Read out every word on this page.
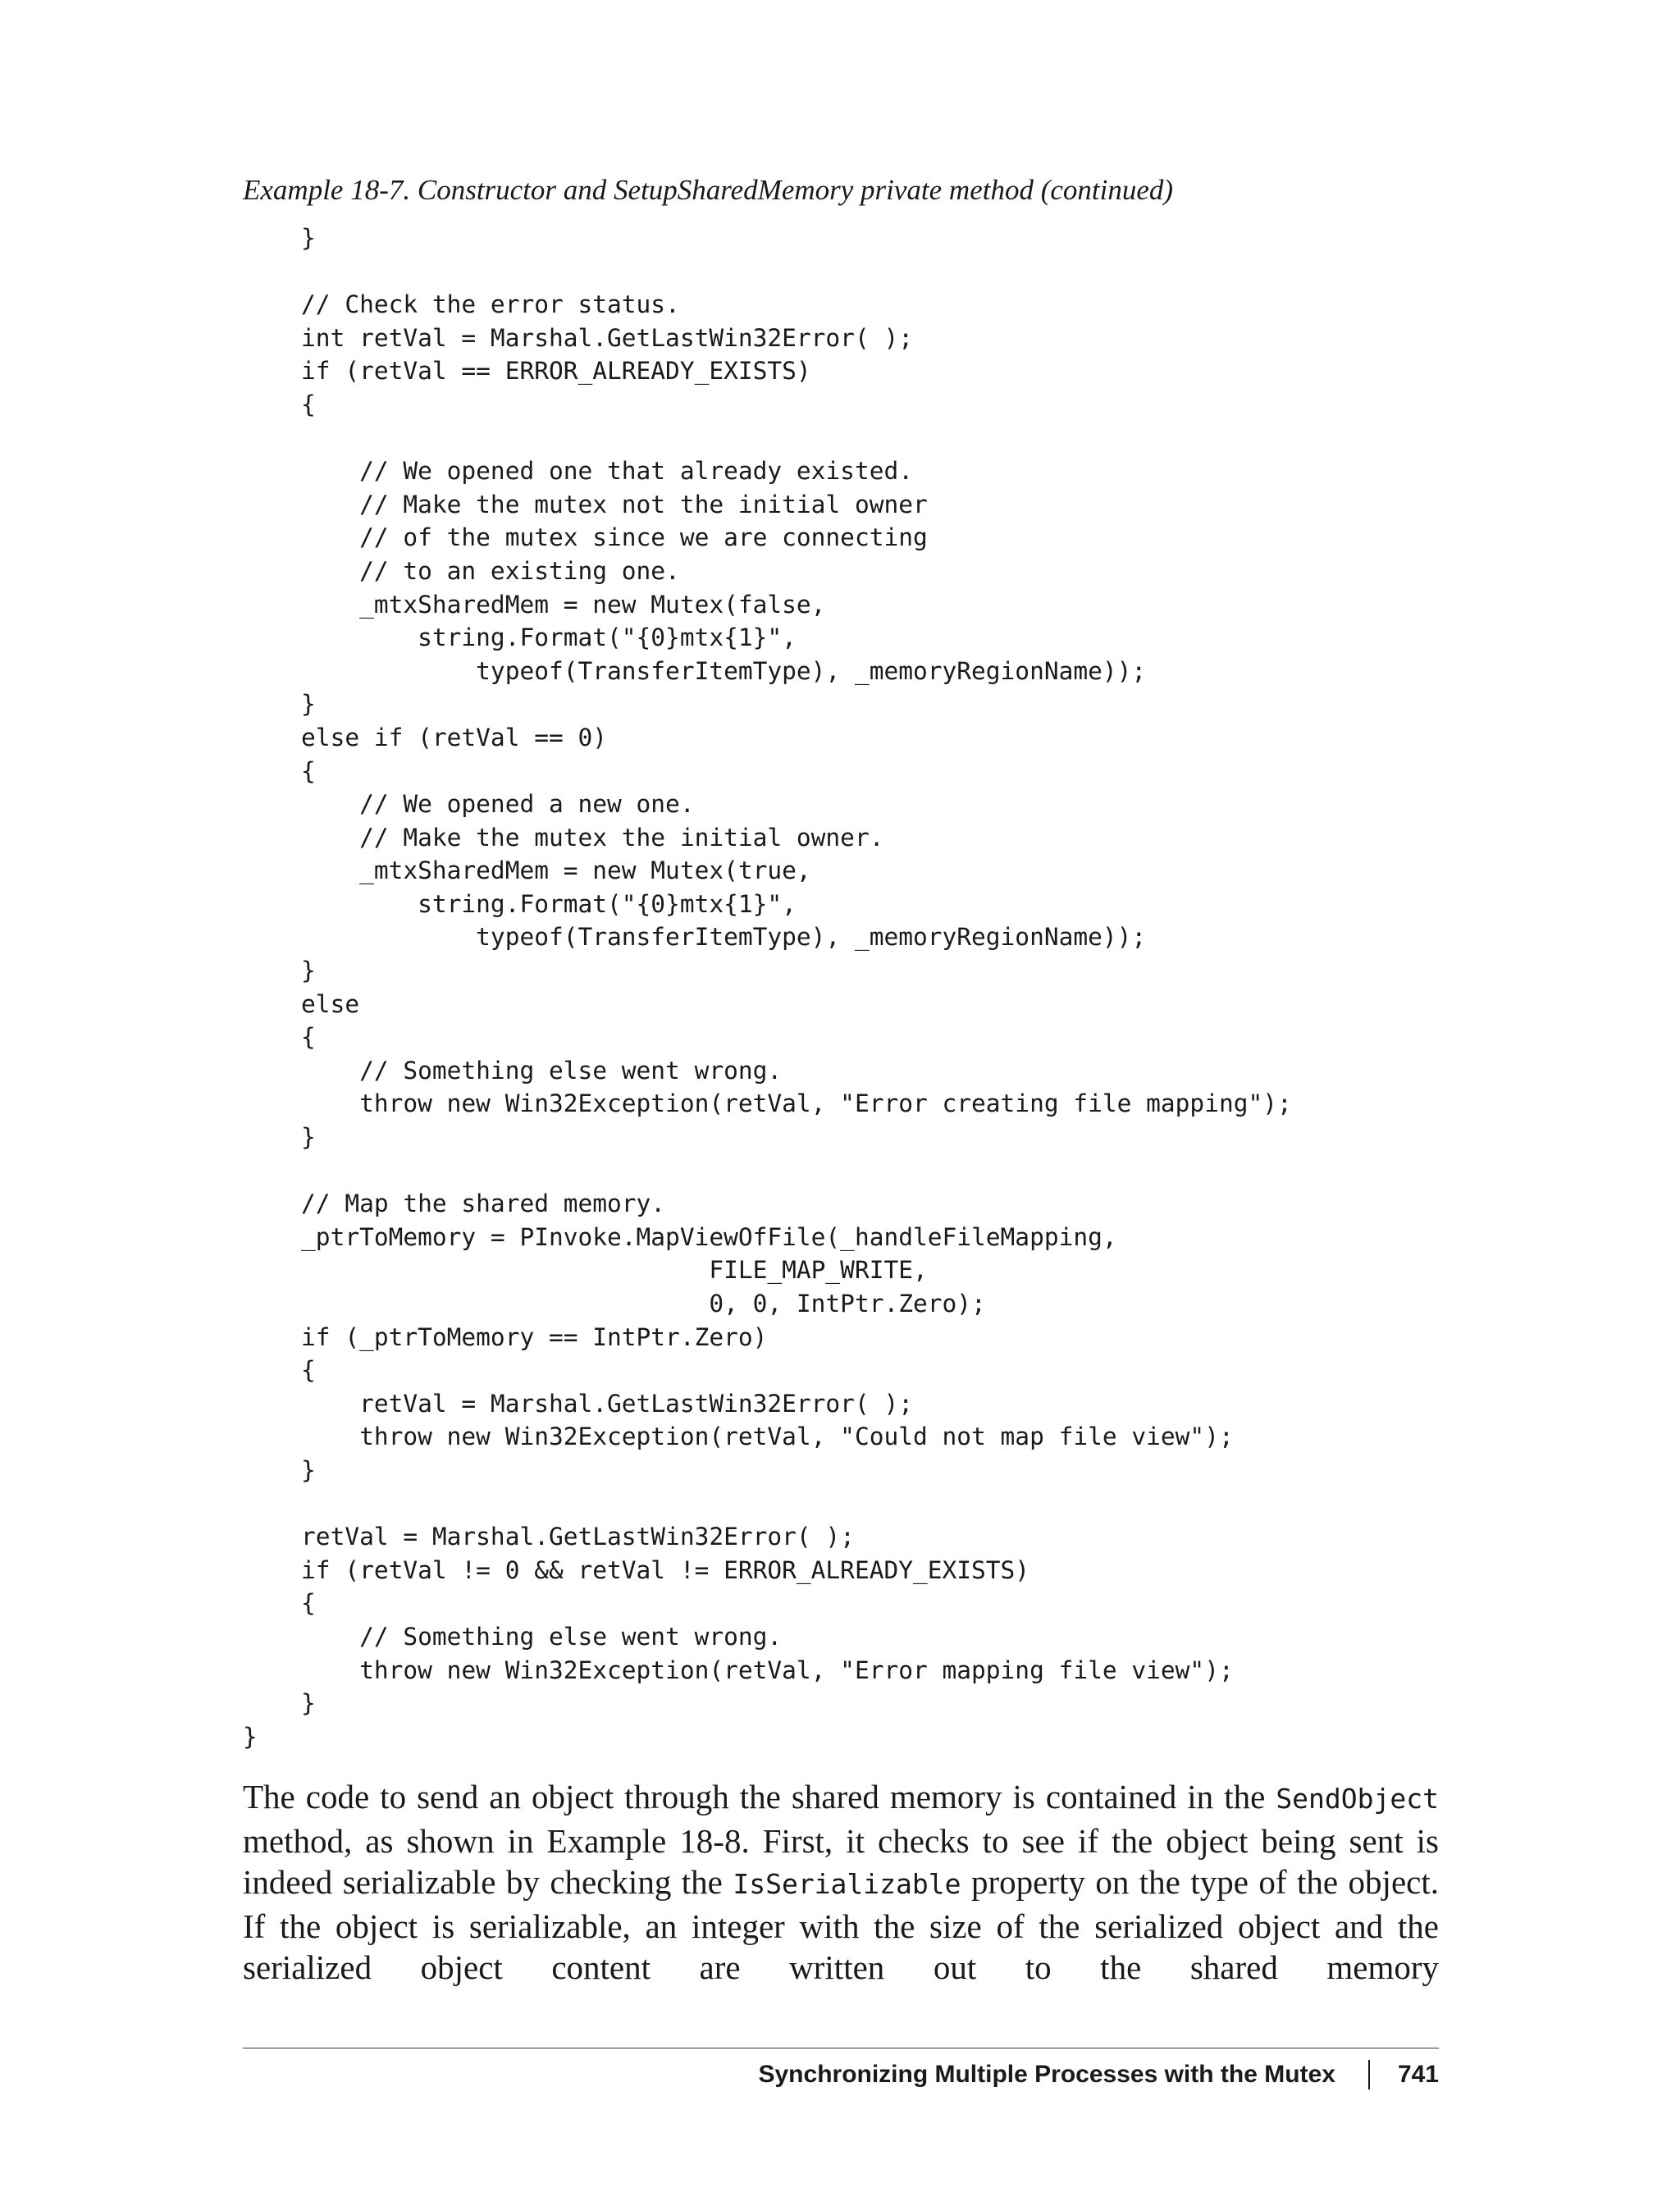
Example 18-7. Constructor and SetupSharedMemory private method (continued)
}

// Check the error status.
int retVal = Marshal.GetLastWin32Error( );
if (retVal == ERROR_ALREADY_EXISTS)
{

// We opened one that already existed.
// Make the mutex not the initial owner
// of the mutex since we are connecting
// to an existing one.
_mtxSharedMem = new Mutex(false,
string.Format("{0}mtx{1}",
typeof(TransferItemType), _memoryRegionName));
}
else if (retVal == 0)
{
// We opened a new one.
// Make the mutex the initial owner.
_mtxSharedMem = new Mutex(true,
string.Format("{0}mtx{1}",
typeof(TransferItemType), _memoryRegionName));
}
else
{
// Something else went wrong.
throw new Win32Exception(retVal, "Error creating file mapping");
}

// Map the shared memory.
_ptrToMemory = PInvoke.MapViewOfFile(_handleFileMapping,
FILE_MAP_WRITE,
0, 0, IntPtr.Zero);
if (_ptrToMemory == IntPtr.Zero)
{
retVal = Marshal.GetLastWin32Error( );
throw new Win32Exception(retVal, "Could not map file view");
}

retVal = Marshal.GetLastWin32Error( );
if (retVal != 0 && retVal != ERROR_ALREADY_EXISTS)
{
// Something else went wrong.
throw new Win32Exception(retVal, "Error mapping file view");
}
}

The code to send an object through the shared memory is contained in the SendObject method, as shown in Example 18-8. First, it checks to see if the object being sent is indeed serializable by checking the IsSerializable property on the type of the object. If the object is serializable, an integer with the size of the serialized object and the serialized object content are written out to the shared memory

Synchronizing Multiple Processes with the Mutex	741
